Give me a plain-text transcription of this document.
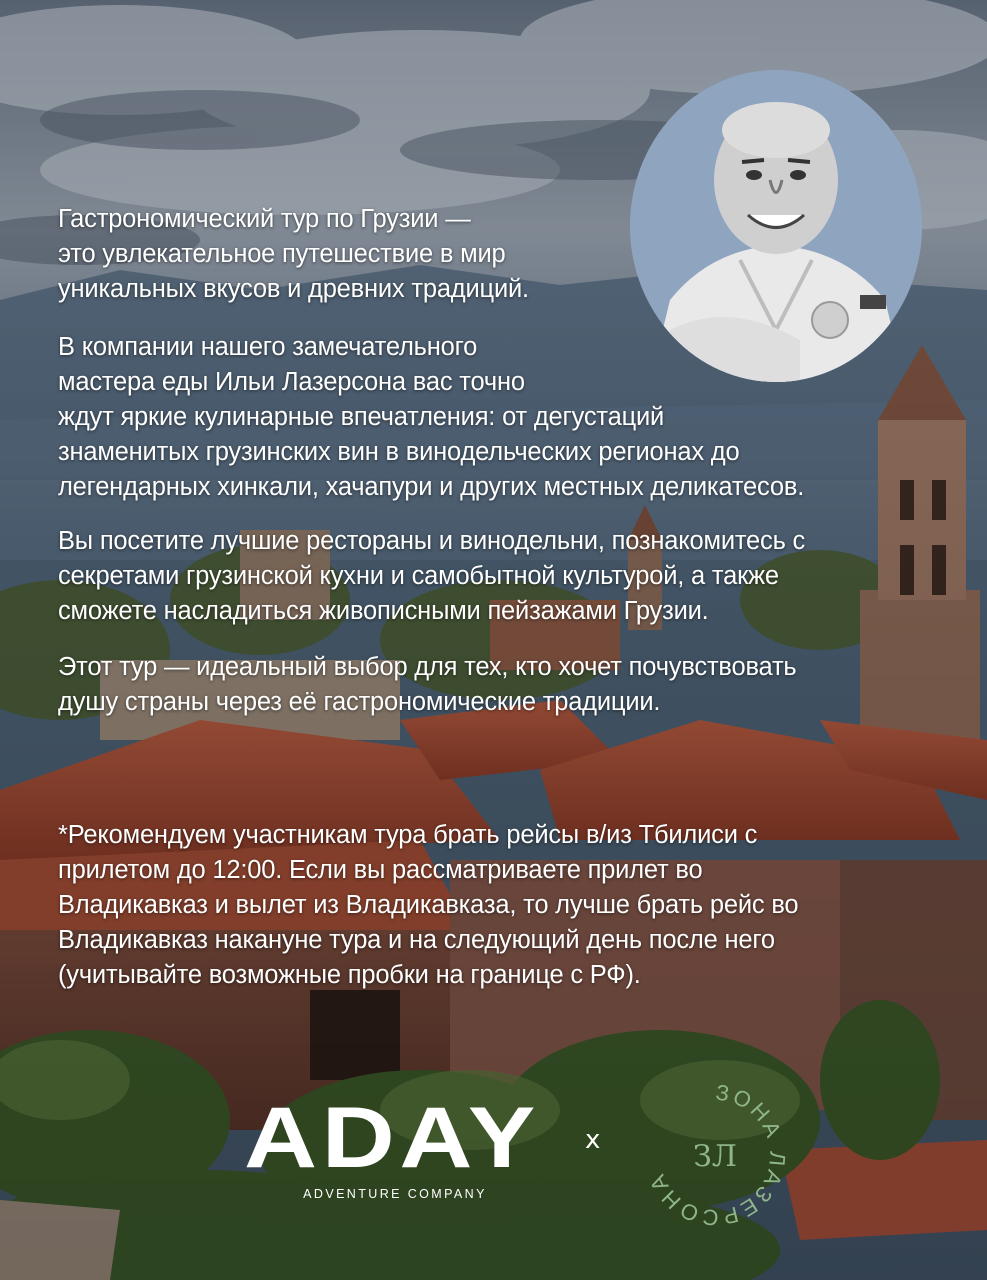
Гастрономический тур по Грузии —
это увлекательное путешествие в мир
уникальных вкусов и древних традиций.

В компании нашего замечательного
мастера еды Ильи Лазерсона вас точно
ждут яркие кулинарные впечатления: от дегустаций
знаменитых грузинских вин в винодельческих регионах до
легендарных хинкали, хачапури и других местных деликатесов.

Вы посетите лучшие рестораны и винодельни, познакомитесь с
секретами грузинской кухни и самобытной культурой, а также
сможете насладиться живописными пейзажами Грузии.

Этот тур — идеальный выбор для тех, кто хочет почувствовать
душу страны через её гастрономические традиции.

*Рекомендуем участникам тура брать рейсы в/из Тбилиси с
прилетом до 12:00. Если вы рассматриваете прилет во
Владикавказ и вылет из Владикавказа, то лучше брать рейс во
Владикавказ накануне тура и на следующий день после него
(учитывайте возможные пробки на границе с РФ).

ADAY
ADVENTURE COMPANY
x
ЗОНА ЛАЗЕРСОНА
ЗЛ
